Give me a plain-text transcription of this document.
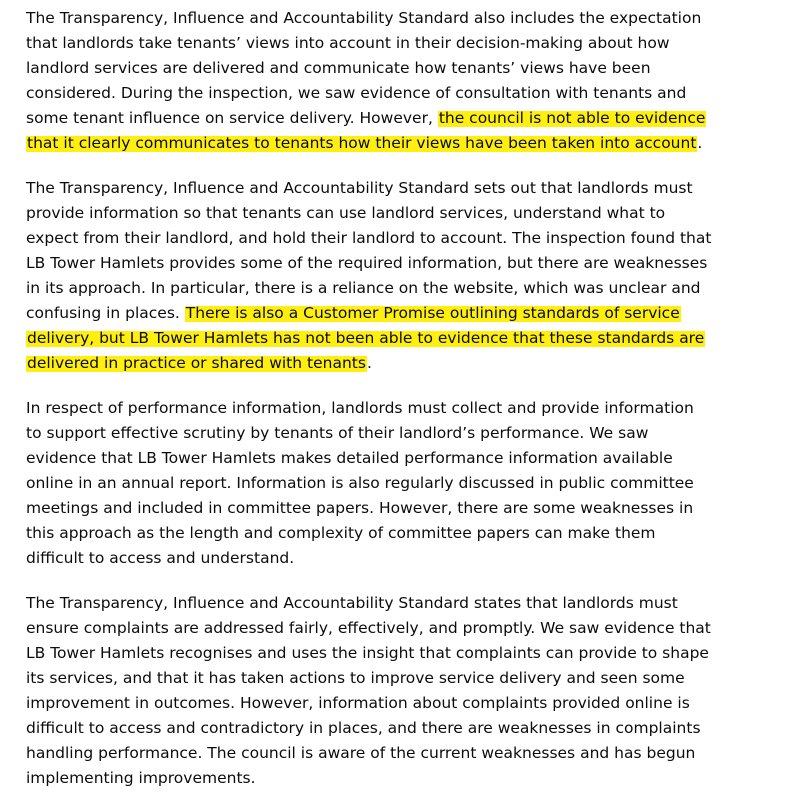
The Transparency, Influence and Accountability Standard also includes the expectation
that landlords take tenants’ views into account in their decision-making about how
landlord services are delivered and communicate how tenants’ views have been
considered. During the inspection, we saw evidence of consultation with tenants and
some tenant influence on service delivery. However, the council is not able to evidence
that it clearly communicates to tenants how their views have been taken into account.

The Transparency, Influence and Accountability Standard sets out that landlords must
provide information so that tenants can use landlord services, understand what to
expect from their landlord, and hold their landlord to account. The inspection found that
LB Tower Hamlets provides some of the required information, but there are weaknesses
in its approach. In particular, there is a reliance on the website, which was unclear and
confusing in places. There is also a Customer Promise outlining standards of service
delivery, but LB Tower Hamlets has not been able to evidence that these standards are
delivered in practice or shared with tenants.

In respect of performance information, landlords must collect and provide information
to support effective scrutiny by tenants of their landlord’s performance. We saw
evidence that LB Tower Hamlets makes detailed performance information available
online in an annual report. Information is also regularly discussed in public committee
meetings and included in committee papers. However, there are some weaknesses in
this approach as the length and complexity of committee papers can make them
difficult to access and understand.

The Transparency, Influence and Accountability Standard states that landlords must
ensure complaints are addressed fairly, effectively, and promptly. We saw evidence that
LB Tower Hamlets recognises and uses the insight that complaints can provide to shape
its services, and that it has taken actions to improve service delivery and seen some
improvement in outcomes. However, information about complaints provided online is
difficult to access and contradictory in places, and there are weaknesses in complaints
handling performance. The council is aware of the current weaknesses and has begun
implementing improvements.
